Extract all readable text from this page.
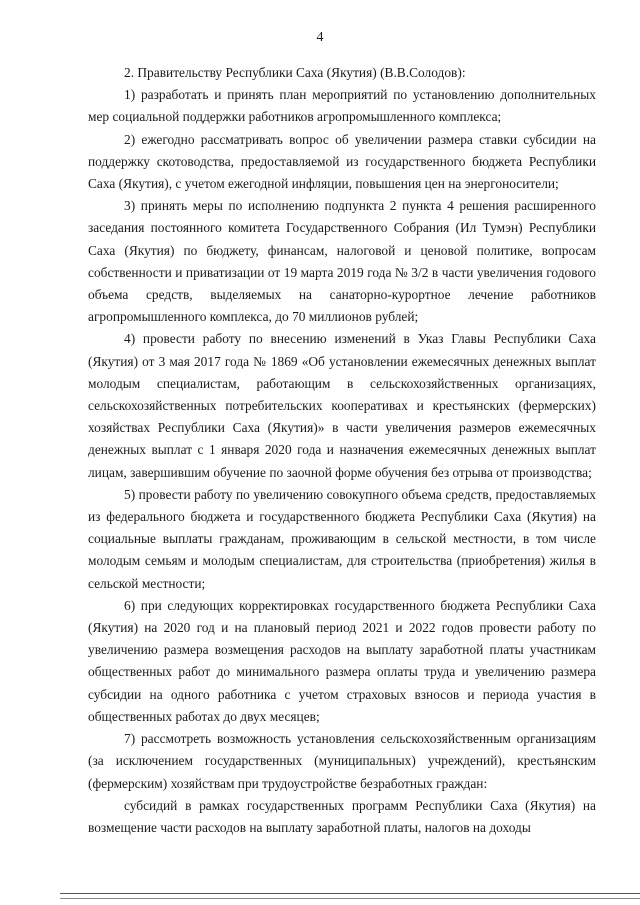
4

2. Правительству Республики Саха (Якутия) (В.В.Солодов):

1) разработать и принять план мероприятий по установлению дополнительных мер социальной поддержки работников агропромышленного комплекса;

2) ежегодно рассматривать вопрос об увеличении размера ставки субсидии на поддержку скотоводства, предоставляемой из государственного бюджета Республики Саха (Якутия), с учетом ежегодной инфляции, повышения цен на энергоносители;

3) принять меры по исполнению подпункта 2 пункта 4 решения расширенного заседания постоянного комитета Государственного Собрания (Ил Тумэн) Республики Саха (Якутия) по бюджету, финансам, налоговой и ценовой политике, вопросам собственности и приватизации от 19 марта 2019 года № 3/2 в части увеличения годового объема средств, выделяемых на санаторно-курортное лечение работников агропромышленного комплекса, до 70 миллионов рублей;

4) провести работу по внесению изменений в Указ Главы Республики Саха (Якутия) от 3 мая 2017 года № 1869 «Об установлении ежемесячных денежных выплат молодым специалистам, работающим в сельскохозяйственных организациях, сельскохозяйственных потребительских кооперативах и крестьянских (фермерских) хозяйствах Республики Саха (Якутия)» в части увеличения размеров ежемесячных денежных выплат с 1 января 2020 года и назначения ежемесячных денежных выплат лицам, завершившим обучение по заочной форме обучения без отрыва от производства;

5) провести работу по увеличению совокупного объема средств, предоставляемых из федерального бюджета и государственного бюджета Республики Саха (Якутия) на социальные выплаты гражданам, проживающим в сельской местности, в том числе молодым семьям и молодым специалистам, для строительства (приобретения) жилья в сельской местности;

6) при следующих корректировках государственного бюджета Республики Саха (Якутия) на 2020 год и на плановый период 2021 и 2022 годов провести работу по увеличению размера возмещения расходов на выплату заработной платы участникам общественных работ до минимального размера оплаты труда и увеличению размера субсидии на одного работника с учетом страховых взносов и периода участия в общественных работах до двух месяцев;

7) рассмотреть возможность установления сельскохозяйственным организациям (за исключением государственных (муниципальных) учреждений), крестьянским (фермерским) хозяйствам при трудоустройстве безработных граждан:

субсидий в рамках государственных программ Республики Саха (Якутия) на возмещение части расходов на выплату заработной платы, налогов на доходы
